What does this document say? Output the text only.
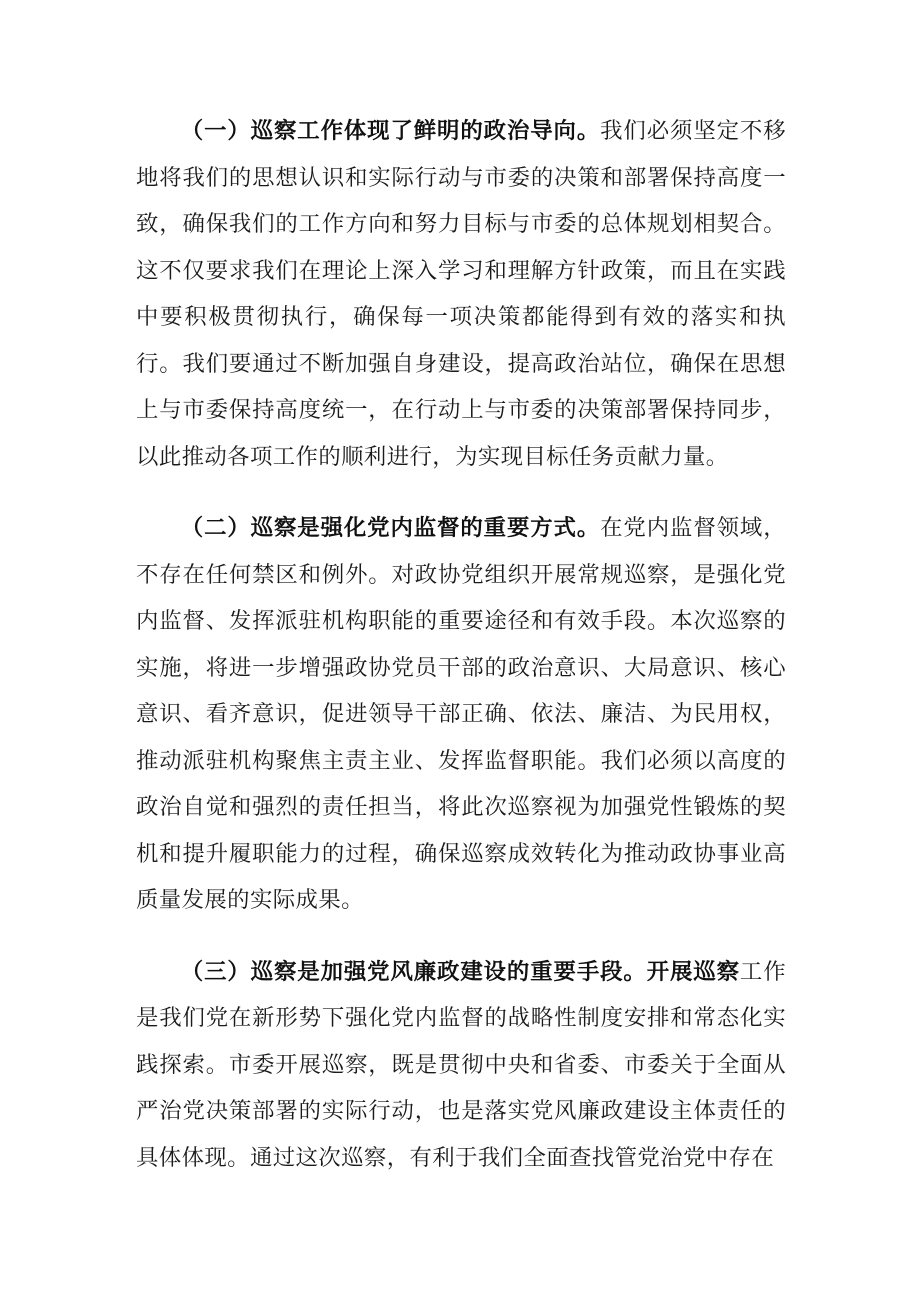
（一）巡察工作体现了鲜明的政治导向。我们必须坚定不移地将我们的思想认识和实际行动与市委的决策和部署保持高度一致，确保我们的工作方向和努力目标与市委的总体规划相契合。这不仅要求我们在理论上深入学习和理解方针政策，而且在实践中要积极贯彻执行，确保每一项决策都能得到有效的落实和执行。我们要通过不断加强自身建设，提高政治站位，确保在思想上与市委保持高度统一，在行动上与市委的决策部署保持同步，以此推动各项工作的顺利进行，为实现目标任务贡献力量。

（二）巡察是强化党内监督的重要方式。在党内监督领域，不存在任何禁区和例外。对政协党组织开展常规巡察，是强化党内监督、发挥派驻机构职能的重要途径和有效手段。本次巡察的实施，将进一步增强政协党员干部的政治意识、大局意识、核心意识、看齐意识，促进领导干部正确、依法、廉洁、为民用权，推动派驻机构聚焦主责主业、发挥监督职能。我们必须以高度的政治自觉和强烈的责任担当，将此次巡察视为加强党性锻炼的契机和提升履职能力的过程，确保巡察成效转化为推动政协事业高质量发展的实际成果。

（三）巡察是加强党风廉政建设的重要手段。开展巡察工作是我们党在新形势下强化党内监督的战略性制度安排和常态化实践探索。市委开展巡察，既是贯彻中央和省委、市委关于全面从严治党决策部署的实际行动，也是落实党风廉政建设主体责任的具体体现。通过这次巡察，有利于我们全面查找管党治党中存在
